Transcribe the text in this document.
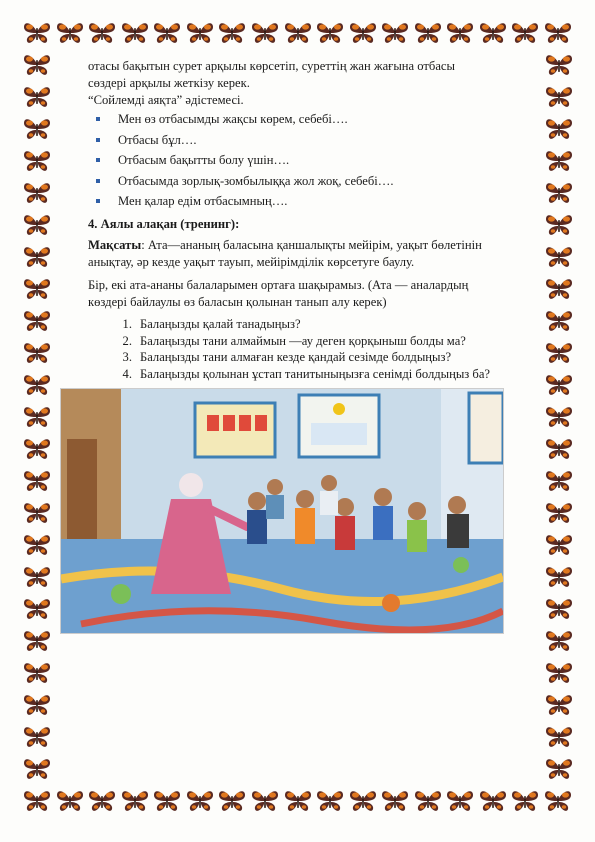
отасы бақытын сурет арқылы көрсетіп, суреттің жан жағына отбасы

сөздері арқылы жеткізу керек.

“Сойлемді аяқта” әдістемесі.

Мен өз отбасымды жақсы көрем, себебі….
Отбасы бұл….
Отбасым бақытты болу үшін….
Отбасымда зорлық-зомбылыққа жол жоқ, себебі….
Мен қалар едім отбасымның….

4. Аялы алақан (тренинг):

Мақсаты: Ата—ананың баласына қаншалықты мейірім, уақыт бөлетінін

анықтау, әр кезде уақыт тауып, мейірімділік көрсетуге баулу.

Бір, екі ата-ананы балаларымен ортаға шақырамыз. (Ата — аналардың

көздері байлаулы өз баласын қолынан танып алу керек)

1. Балаңызды қалай танадыңыз?
2. Балаңызды тани алмаймын —ау деген қорқыныш болды ма?
3. Балаңызды тани алмаған кезде қандай сезімде болдыңыз?
4. Балаңызды қолынан ұстап танитыныңызға сенімді болдыңыз ба?
